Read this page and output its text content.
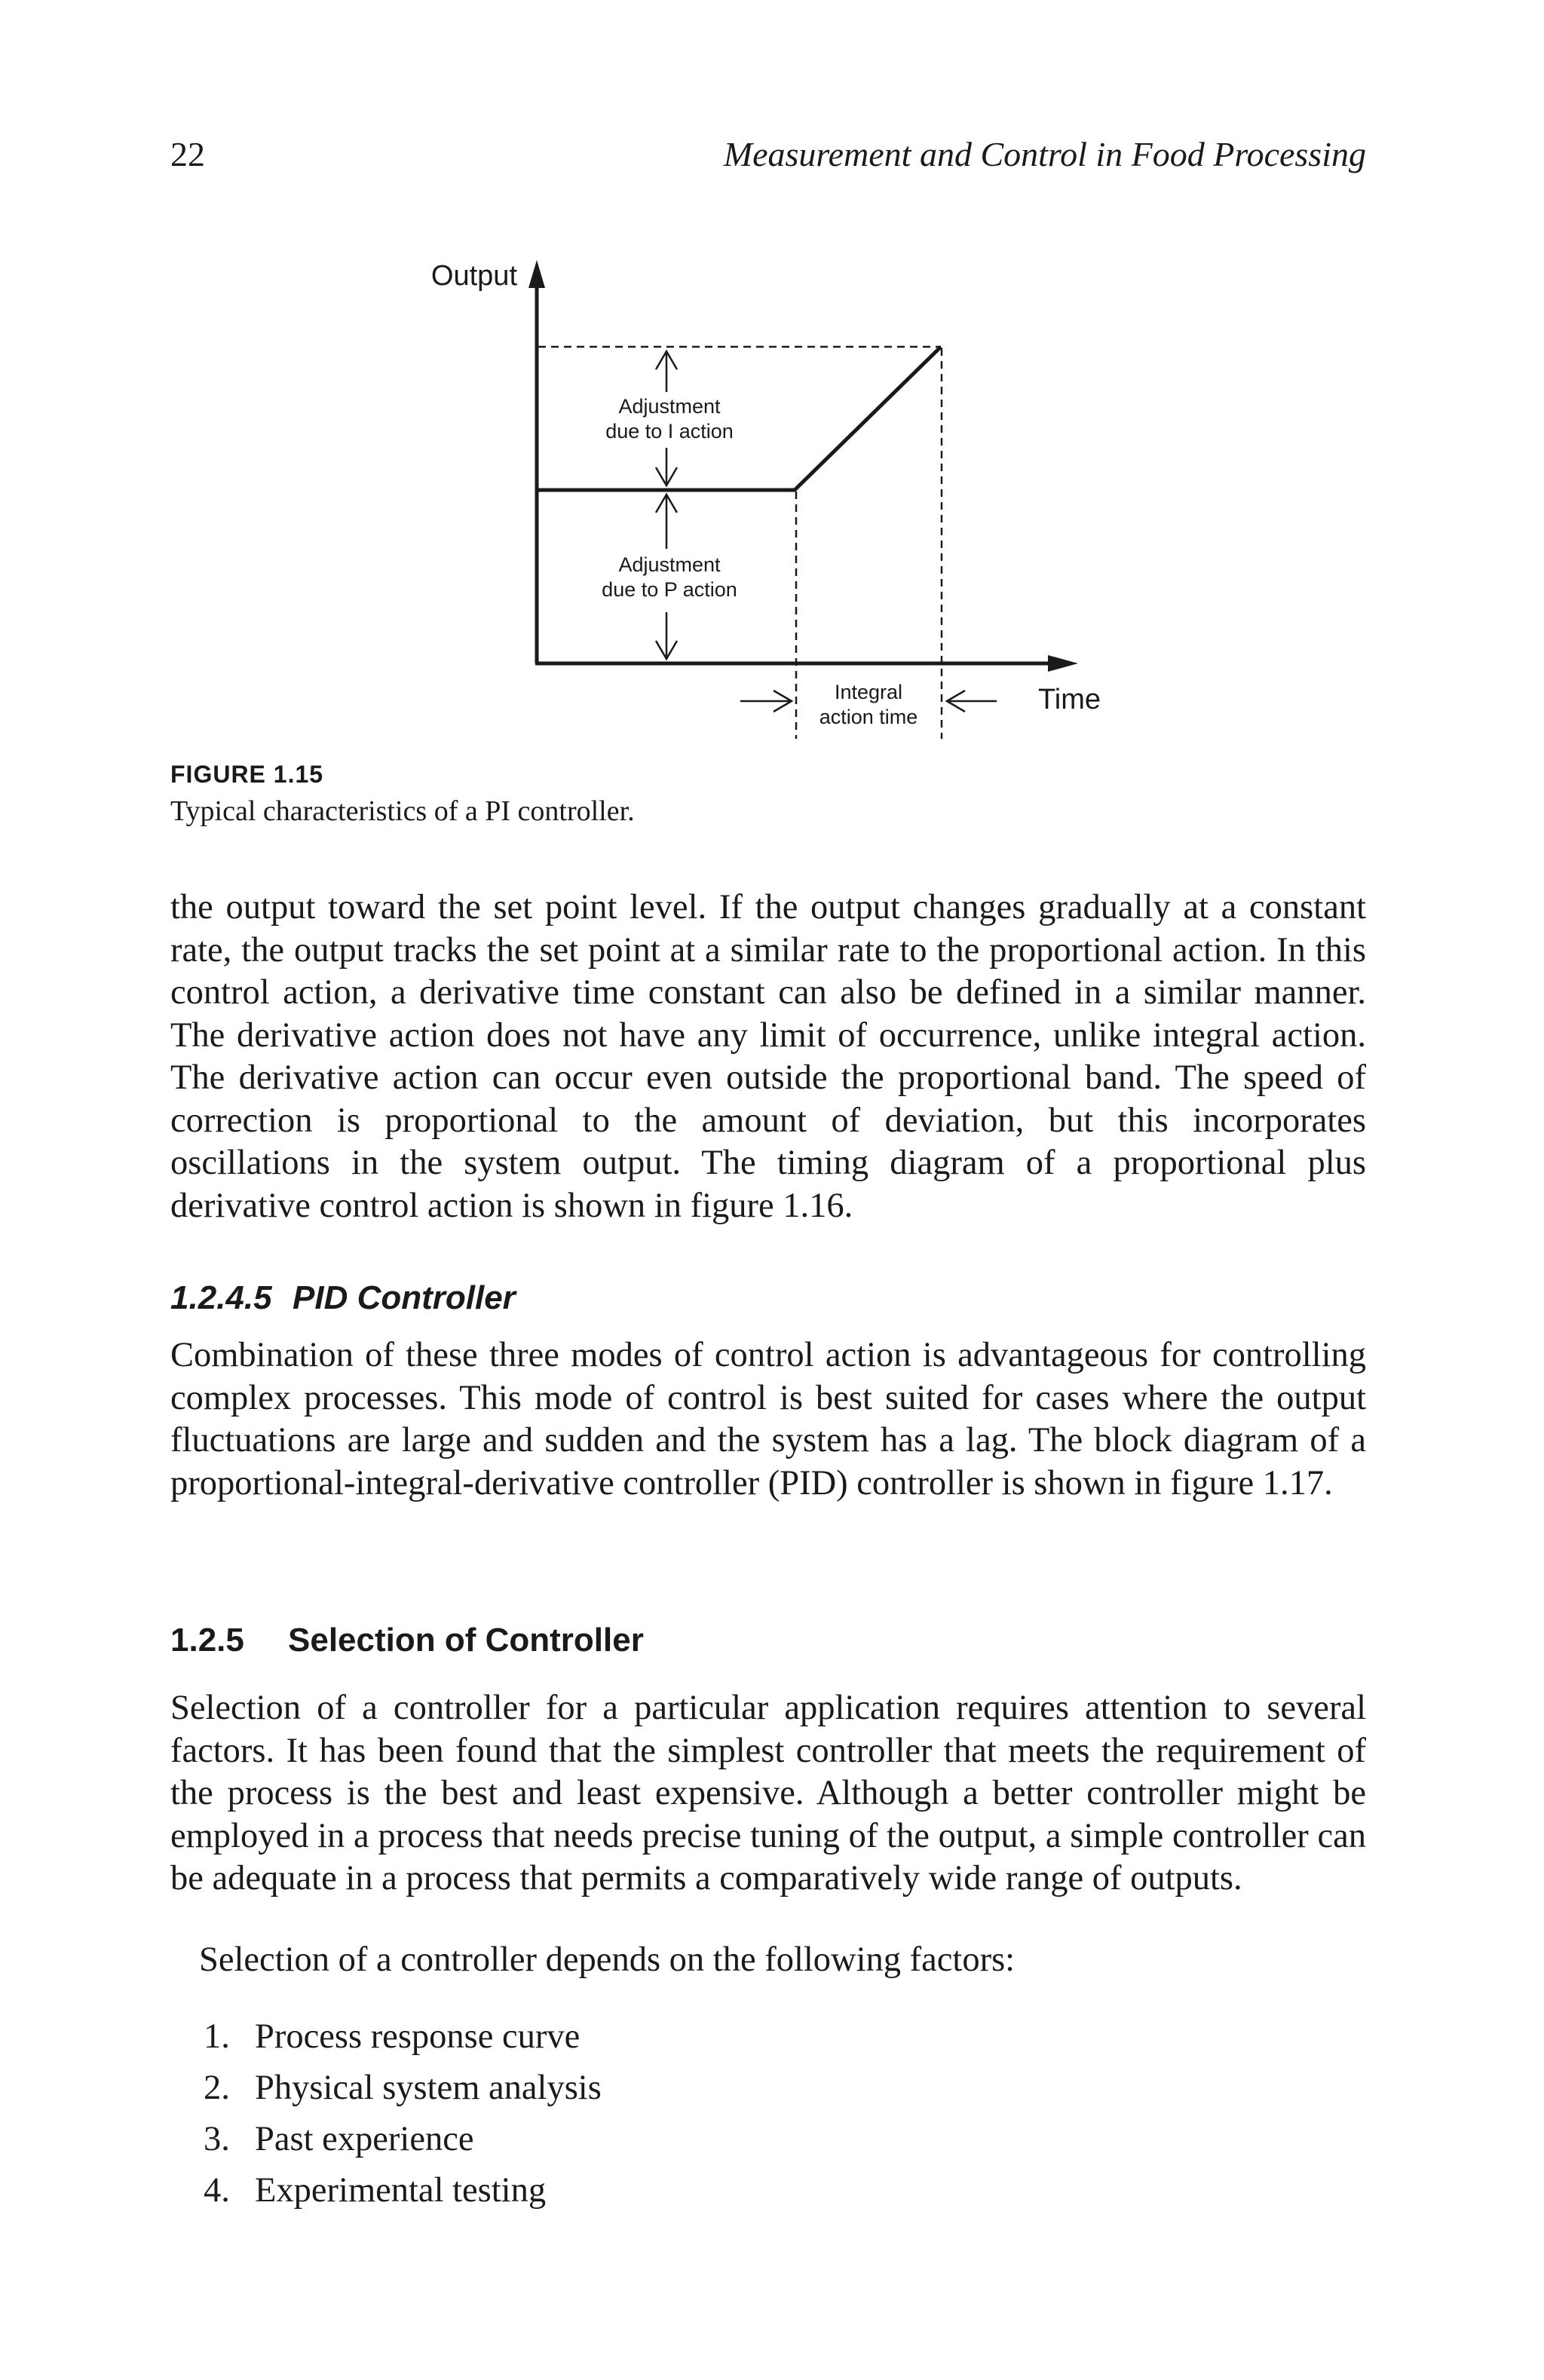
22	Measurement and Control in Food Processing
Output
Time
Adjustment
due to I action
Adjustment
due to P action
Integral
action time
FIGURE 1.15
Typical characteristics of a PI controller.

the output toward the set point level. If the output changes gradually at a constant rate, the output tracks the set point at a similar rate to the proportional action. In this control action, a derivative time constant can also be defined in a similar manner. The derivative action does not have any limit of occurrence, unlike integral action. The derivative action can occur even outside the proportional band. The speed of correction is proportional to the amount of deviation, but this incorporates oscillations in the system output. The timing diagram of a proportional plus derivative control action is shown in figure 1.16.

1.2.4.5 PID Controller

Combination of these three modes of control action is advantageous for controlling complex processes. This mode of control is best suited for cases where the output fluctuations are large and sudden and the system has a lag. The block diagram of a proportional-integral-derivative controller (PID) controller is shown in figure 1.17.

1.2.5 Selection of Controller

Selection of a controller for a particular application requires attention to several factors. It has been found that the simplest controller that meets the requirement of the process is the best and least expensive. Although a better controller might be employed in a process that needs precise tuning of the output, a simple controller can be adequate in a process that permits a comparatively wide range of outputs.

Selection of a controller depends on the following factors:

1. Process response curve
2. Physical system analysis
3. Past experience
4. Experimental testing
